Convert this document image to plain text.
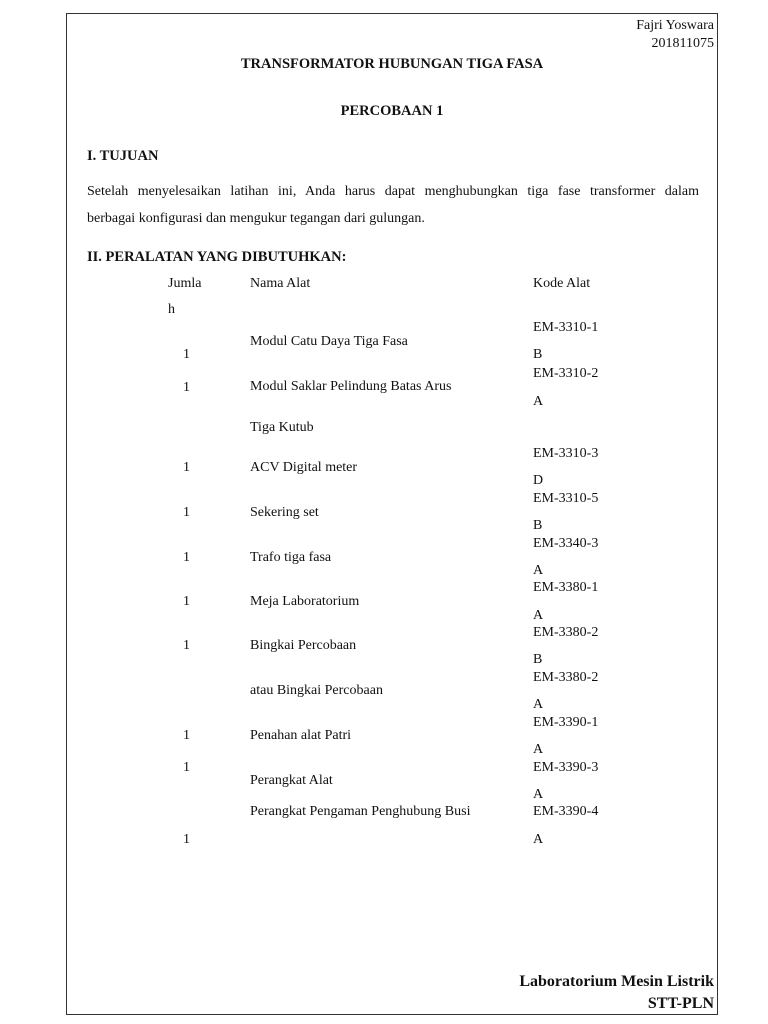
Fajri Yoswara
201811075
TRANSFORMATOR HUBUNGAN TIGA FASA
PERCOBAAN 1
I. TUJUAN
Setelah menyelesaikan latihan ini, Anda harus dapat menghubungkan tiga fase transformer dalam
berbagai konfigurasi dan mengukur tegangan dari gulungan.
II. PERALATAN YANG DIBUTUHKAN:
Jumla
h
Nama Alat	Kode Alat
1
1
1
1
1
1
1
1
1
1
Modul Catu Daya Tiga Fasa
Modul Saklar Pelindung Batas Arus
Tiga Kutub
ACV Digital meter
Sekering set
Trafo tiga fasa
Meja Laboratorium
Bingkai Percobaan
atau Bingkai Percobaan
Penahan alat Patri
Perangkat Alat
Perangkat Pengaman Penghubung Busi
EM-3310-1
B
EM-3310-2
A
EM-3310-3
D
EM-3310-5
B
EM-3340-3
A
EM-3380-1
A
EM-3380-2
B
EM-3380-2
A
EM-3390-1
A
EM-3390-3
A
EM-3390-4
A
Laboratorium Mesin Listrik
STT-PLN
